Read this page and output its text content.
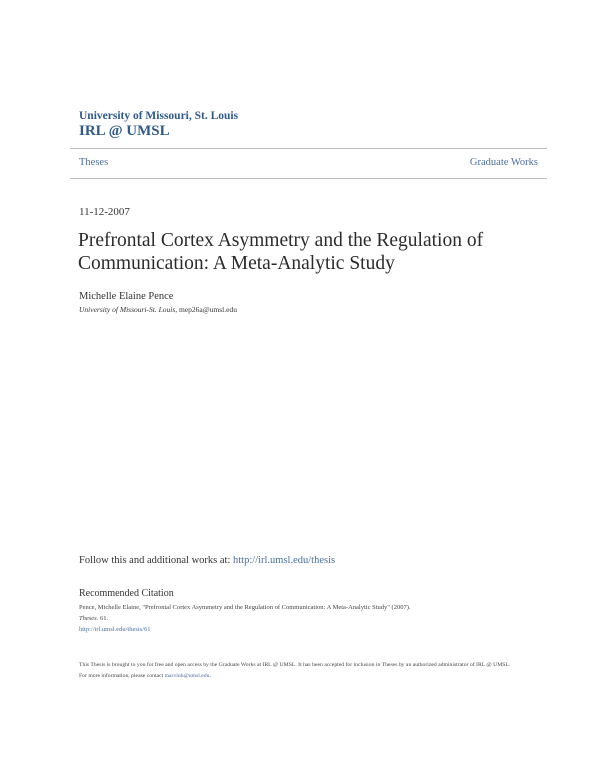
University of Missouri, St. Louis
IRL @ UMSL
Theses	Graduate Works
11-12-2007
Prefrontal Cortex Asymmetry and the Regulation of Communication: A Meta-Analytic Study
Michelle Elaine Pence
University of Missouri-St. Louis, mep26a@umsl.edu
Follow this and additional works at: http://irl.umsl.edu/thesis
Recommended Citation
Pence, Michelle Elaine, "Prefrontal Cortex Asymmetry and the Regulation of Communication: A Meta-Analytic Study" (2007).
Theses. 61.
http://irl.umsl.edu/thesis/61
This Thesis is brought to you for free and open access by the Graduate Works at IRL @ UMSL. It has been accepted for inclusion in Theses by an authorized administrator of IRL @ UMSL. For more information, please contact marvinh@umsl.edu.
